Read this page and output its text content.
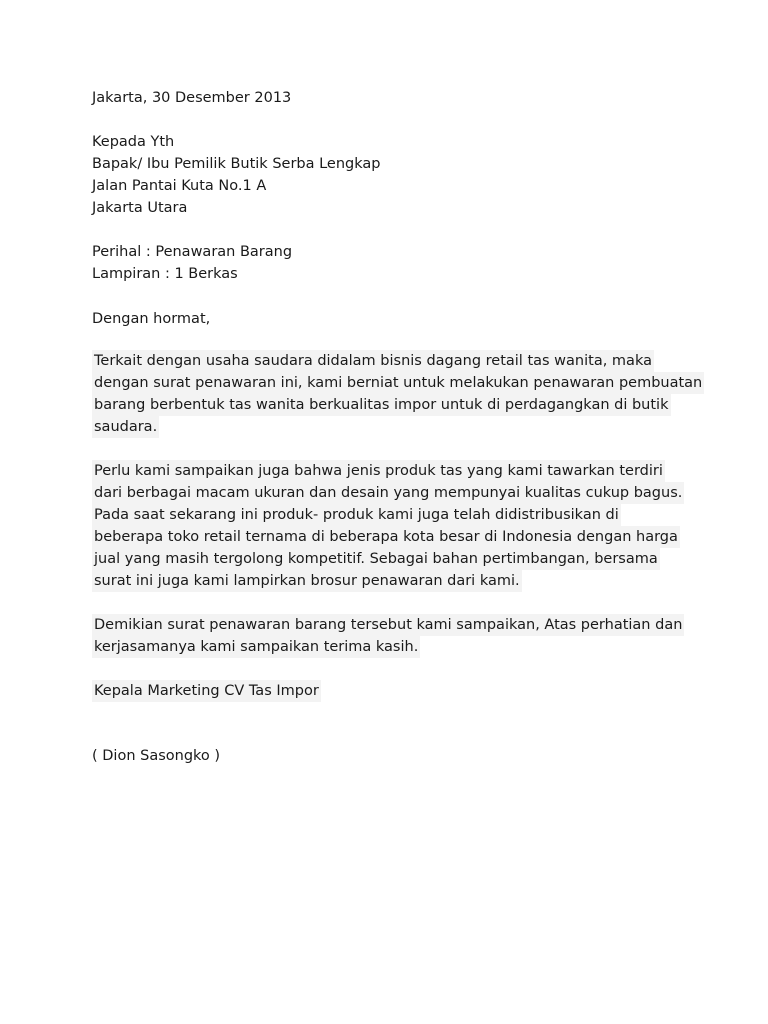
Jakarta, 30 Desember 2013
Kepada Yth
Bapak/ Ibu Pemilik Butik Serba Lengkap
Jalan Pantai Kuta No.1 A
Jakarta Utara
Perihal : Penawaran Barang
Lampiran : 1 Berkas
Dengan hormat,
Terkait dengan usaha saudara didalam bisnis dagang retail tas wanita, maka
dengan surat penawaran ini, kami berniat untuk melakukan penawaran pembuatan
barang berbentuk tas wanita berkualitas impor untuk di perdagangkan di butik
saudara.
Perlu kami sampaikan juga bahwa jenis produk tas yang kami tawarkan terdiri
dari berbagai macam ukuran dan desain yang mempunyai kualitas cukup bagus.
Pada saat sekarang ini produk- produk kami juga telah didistribusikan di
beberapa toko retail ternama di beberapa kota besar di Indonesia dengan harga
jual yang masih tergolong kompetitif. Sebagai bahan pertimbangan, bersama
surat ini juga kami lampirkan brosur penawaran dari kami.
Demikian surat penawaran barang tersebut kami sampaikan, Atas perhatian dan
kerjasamanya kami sampaikan terima kasih.
Kepala Marketing CV Tas Impor
( Dion Sasongko )
